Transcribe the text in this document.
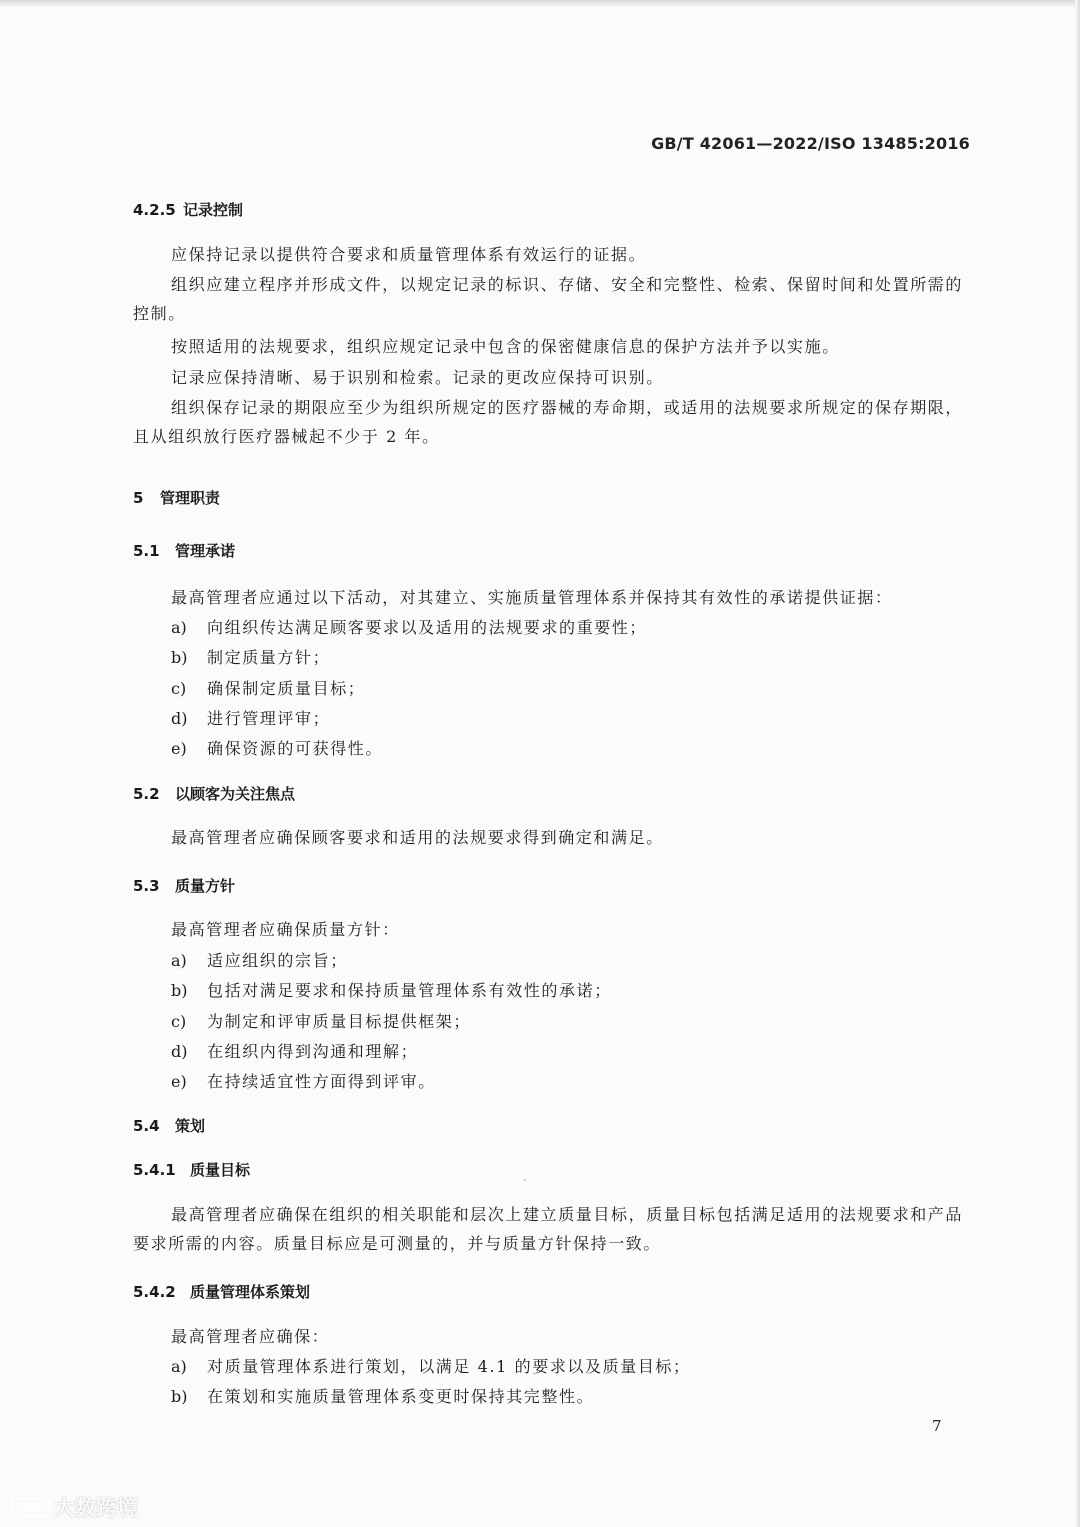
GB/T 42061—2022/ISO 13485:2016
4.2.5 记录控制
应保持记录以提供符合要求和质量管理体系有效运行的证据。
组织应建立程序并形成文件，以规定记录的标识、存储、安全和完整性、检索、保留时间和处置所需的控制。
按照适用的法规要求，组织应规定记录中包含的保密健康信息的保护方法并予以实施。
记录应保持清晰、易于识别和检索。记录的更改应保持可识别。
组织保存记录的期限应至少为组织所规定的医疗器械的寿命期，或适用的法规要求所规定的保存期限，且从组织放行医疗器械起不少于 2 年。
5 管理职责
5.1 管理承诺
最高管理者应通过以下活动，对其建立、实施质量管理体系并保持其有效性的承诺提供证据：
a) 向组织传达满足顾客要求以及适用的法规要求的重要性；
b) 制定质量方针；
c) 确保制定质量目标；
d) 进行管理评审；
e) 确保资源的可获得性。
5.2 以顾客为关注焦点
最高管理者应确保顾客要求和适用的法规要求得到确定和满足。
5.3 质量方针
最高管理者应确保质量方针：
a) 适应组织的宗旨；
b) 包括对满足要求和保持质量管理体系有效性的承诺；
c) 为制定和评审质量目标提供框架；
d) 在组织内得到沟通和理解；
e) 在持续适宜性方面得到评审。
5.4 策划
5.4.1 质量目标
最高管理者应确保在组织的相关职能和层次上建立质量目标，质量目标包括满足适用的法规要求和产品要求所需的内容。质量目标应是可测量的，并与质量方针保持一致。
5.4.2 质量管理体系策划
最高管理者应确保：
a) 对质量管理体系进行策划，以满足 4.1 的要求以及质量目标；
b) 在策划和实施质量管理体系变更时保持其完整性。
7
大数跨境
